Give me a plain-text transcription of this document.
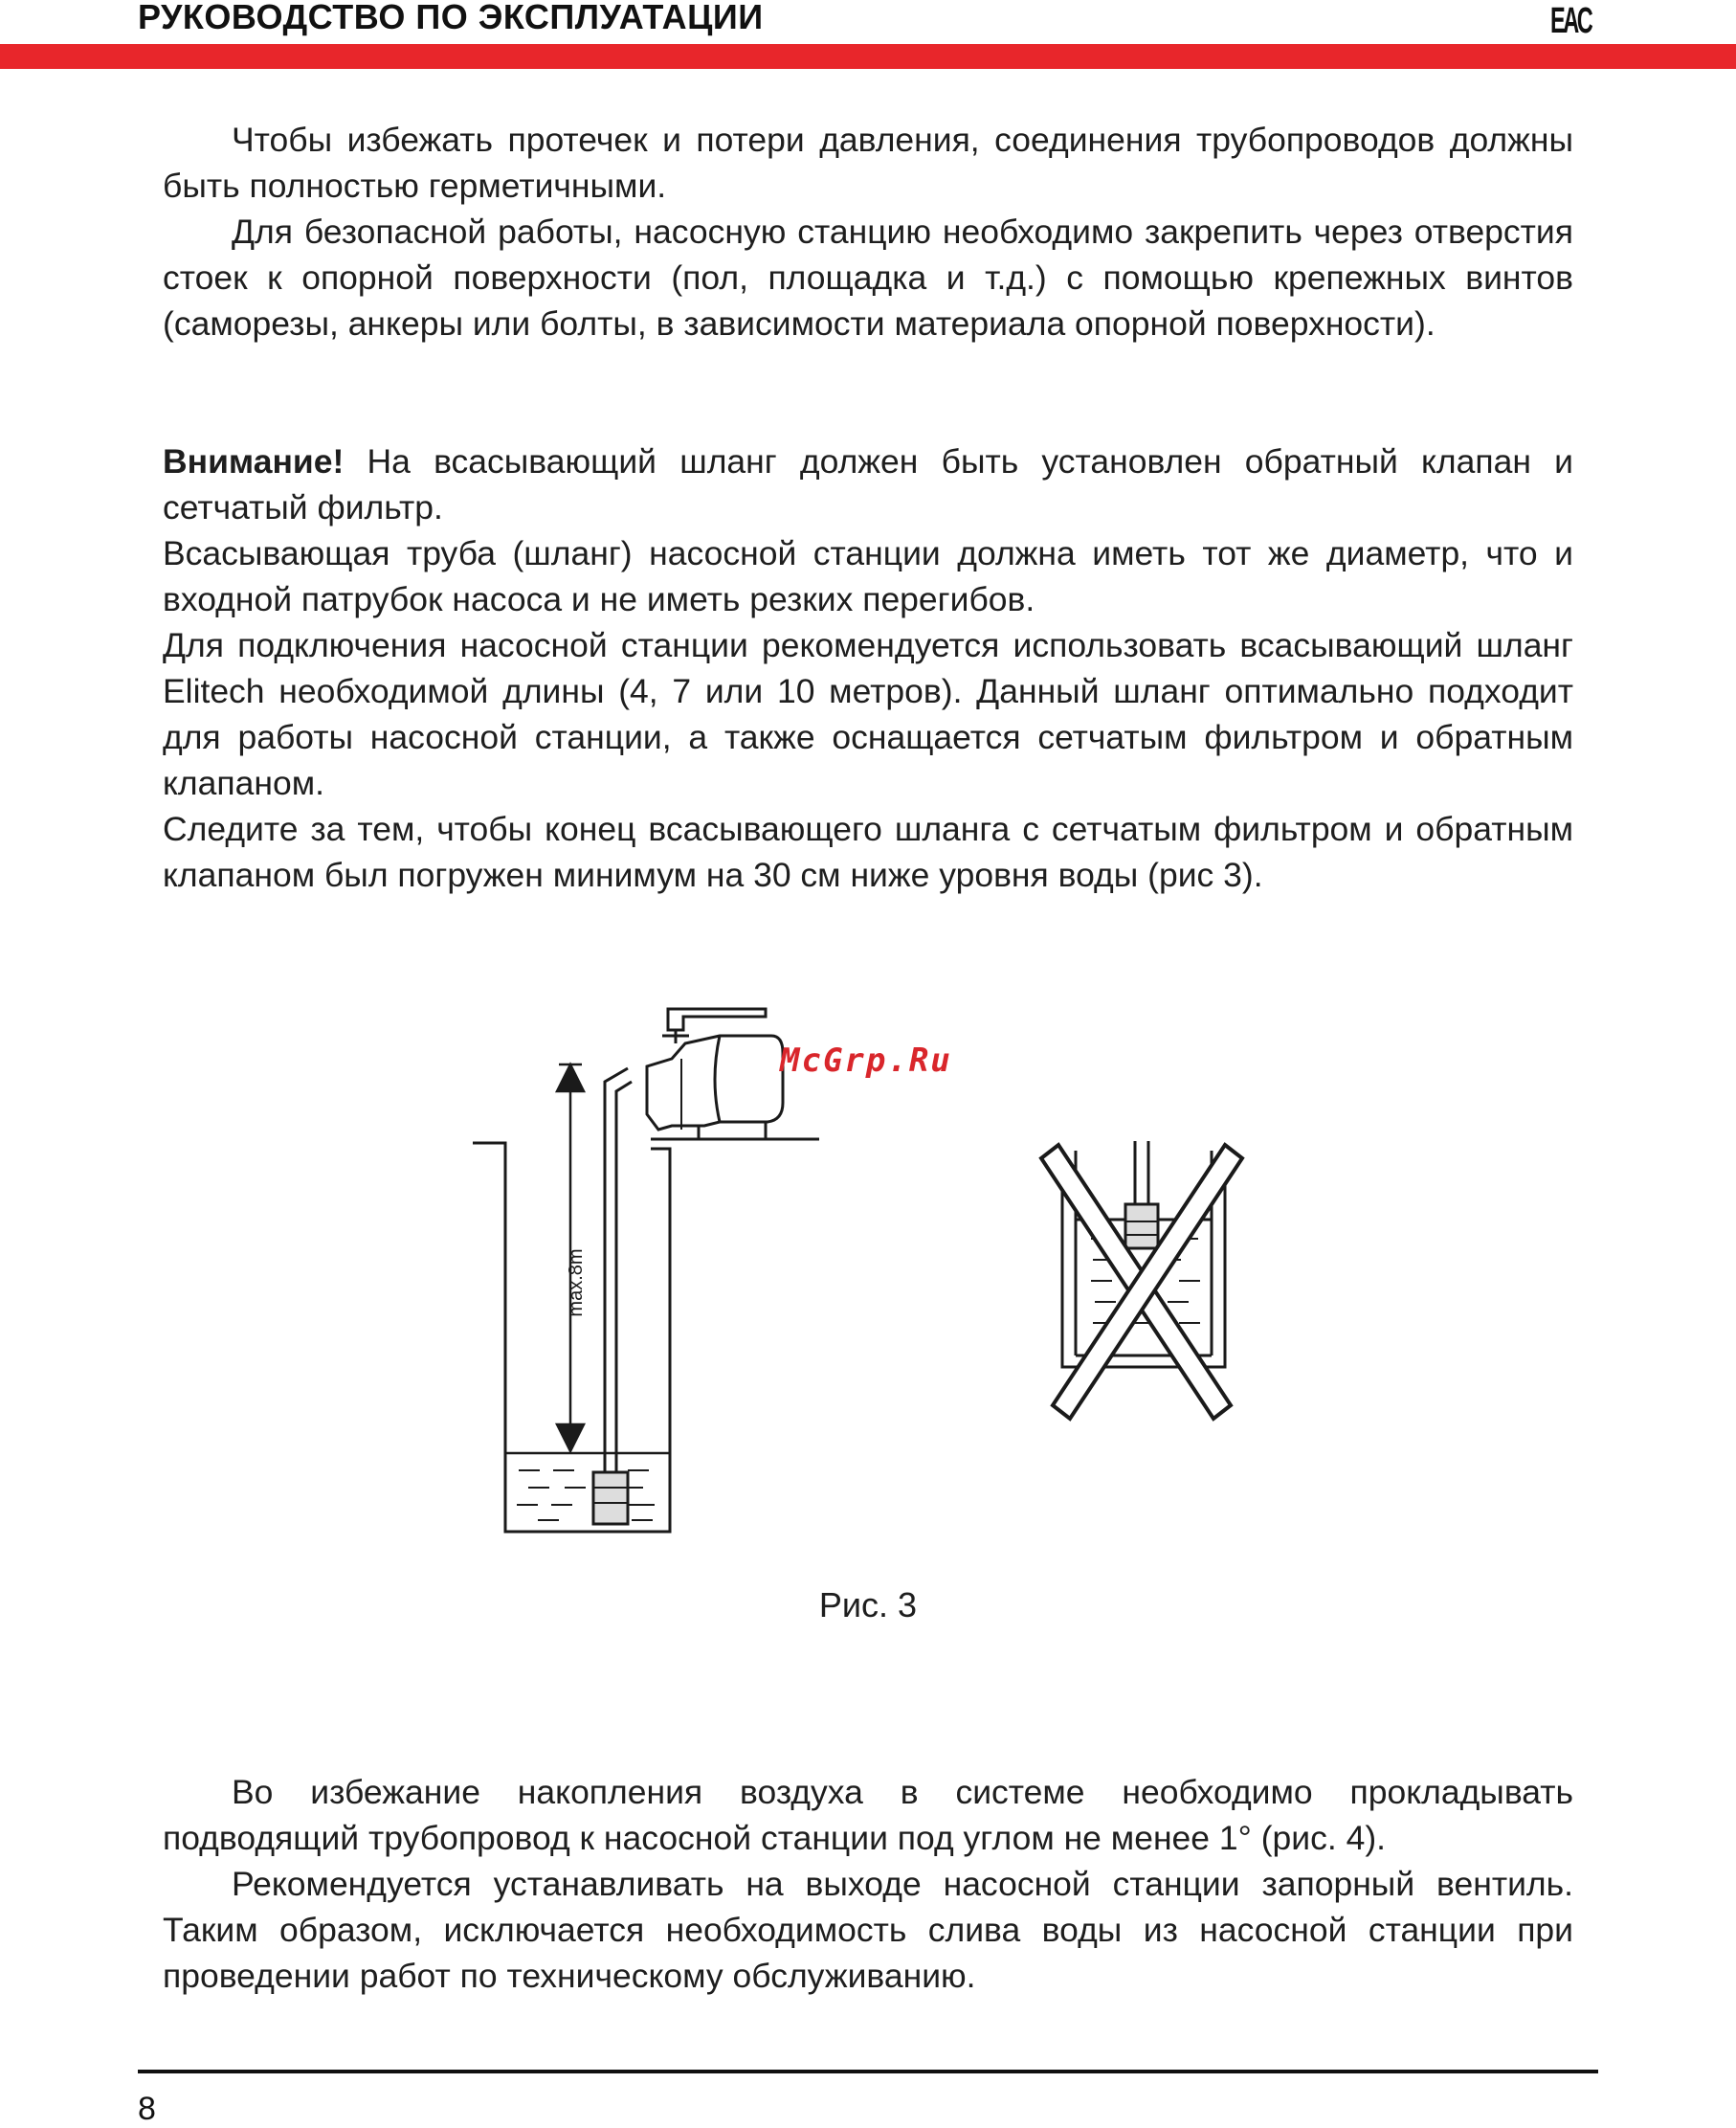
РУКОВОДСТВО ПО ЭКСПЛУАТАЦИИ	EAC

Чтобы избежать протечек и потери давления, соединения трубопроводов должны быть полностью герметичными.

Для безопасной работы, насосную станцию необходимо закрепить через отверстия стоек к опорной поверхности (пол, площадка и т.д.) с помощью крепежных винтов (саморезы, анкеры или болты, в зависимости материала опорной поверхности).

Внимание! На всасывающий шланг должен быть установлен обратный клапан и сетчатый фильтр.

Всасывающая труба (шланг) насосной станции должна иметь тот же диаметр, что и входной патрубок насоса и не иметь резких перегибов.

Для подключения насосной станции рекомендуется использовать всасывающий шланг Elitech необходимой длины (4, 7 или 10 метров). Данный шланг оптимально подходит для работы насосной станции, а также оснащается сетчатым фильтром и обратным клапаном.

Следите за тем, чтобы конец всасывающего шланга с сетчатым фильтром и обратным клапаном был погружен минимум на 30 см ниже уровня воды (рис 3).

max.8m
McGrp.Ru
Рис. 3

Во избежание накопления воздуха в системе необходимо прокладывать подводящий трубопровод к насосной станции под углом не менее 1° (рис. 4).

Рекомендуется устанавливать на выходе насосной станции запорный вентиль. Таким образом, исключается необходимость слива воды из насосной станции при проведении работ по техническому обслуживанию.

8
